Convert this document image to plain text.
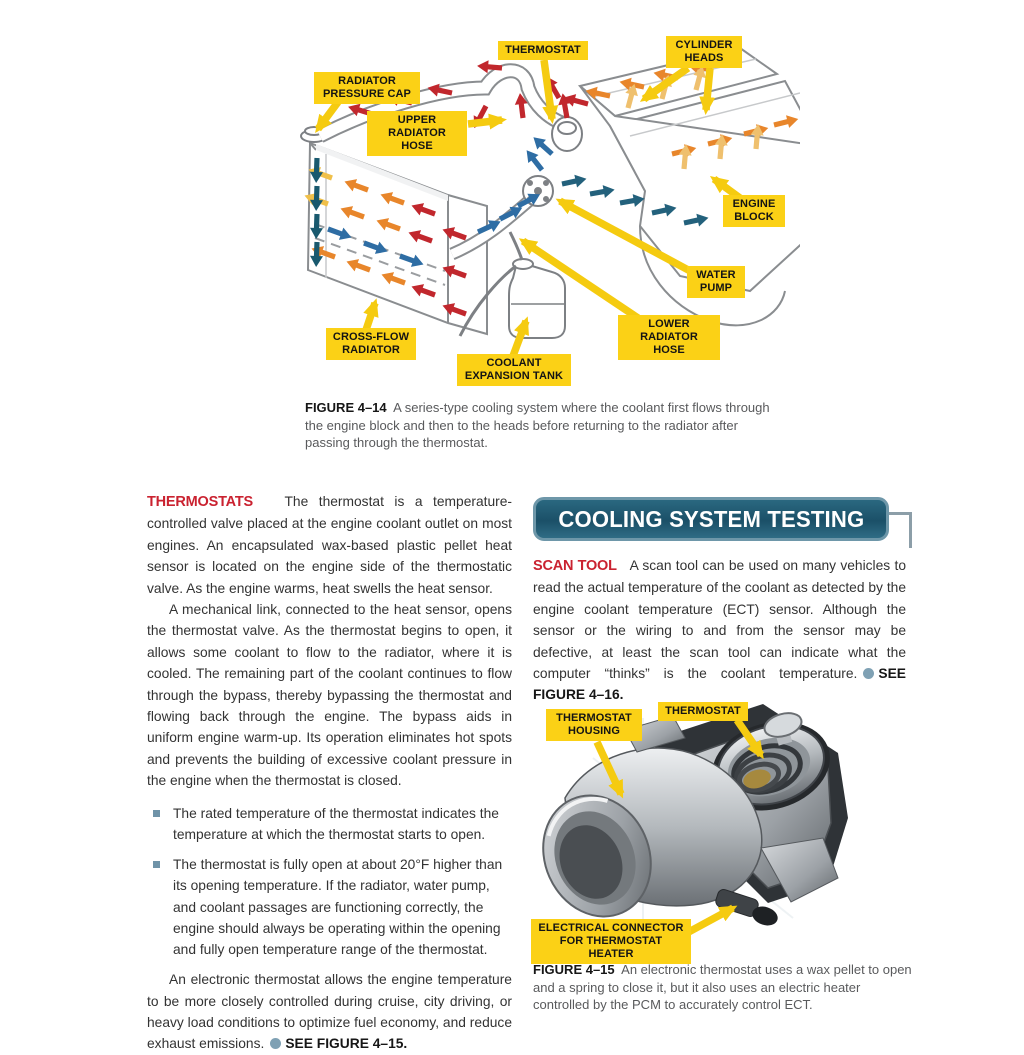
THERMOSTAT	CYLINDER HEADS
RADIATOR PRESSURE CAP
UPPER RADIATOR HOSE
ENGINE BLOCK
WATER PUMP
LOWER RADIATOR HOSE
COOLANT EXPANSION TANK
CROSS-FLOW RADIATOR

FIGURE 4–14 A series-type cooling system where the coolant first flows through the engine block and then to the heads before returning to the radiator after passing through the thermostat.

THERMOSTATS The thermostat is a temperature-controlled valve placed at the engine coolant outlet on most engines. An encapsulated wax-based plastic pellet heat sensor is located on the engine side of the thermostatic valve. As the engine warms, heat swells the heat sensor.

A mechanical link, connected to the heat sensor, opens the thermostat valve. As the thermostat begins to open, it allows some coolant to flow to the radiator, where it is cooled. The remaining part of the coolant continues to flow through the bypass, thereby bypassing the thermostat and flowing back through the engine. The bypass aids in uniform engine warm-up. Its operation eliminates hot spots and prevents the building of excessive coolant pressure in the engine when the thermostat is closed.

The rated temperature of the thermostat indicates the temperature at which the thermostat starts to open.
The thermostat is fully open at about 20°F higher than its opening temperature. If the radiator, water pump, and coolant passages are functioning correctly, the engine should always be operating within the opening and fully open temperature range of the thermostat.

An electronic thermostat allows the engine temperature to be more closely controlled during cruise, city driving, or heavy load conditions to optimize fuel economy, and reduce exhaust emissions. SEE FIGURE 4–15.

COOLING SYSTEM TESTING

SCAN TOOL A scan tool can be used on many vehicles to read the actual temperature of the coolant as detected by the engine coolant temperature (ECT) sensor. Although the sensor or the wiring to and from the sensor may be defective, at least the scan tool can indicate what the computer “thinks” is the coolant temperature. SEE FIGURE 4–16.

THERMOSTAT HOUSING
THERMOSTAT
ELECTRICAL CONNECTOR FOR THERMOSTAT HEATER

FIGURE 4–15 An electronic thermostat uses a wax pellet to open and a spring to close it, but it also uses an electric heater controlled by the PCM to accurately control ECT.
